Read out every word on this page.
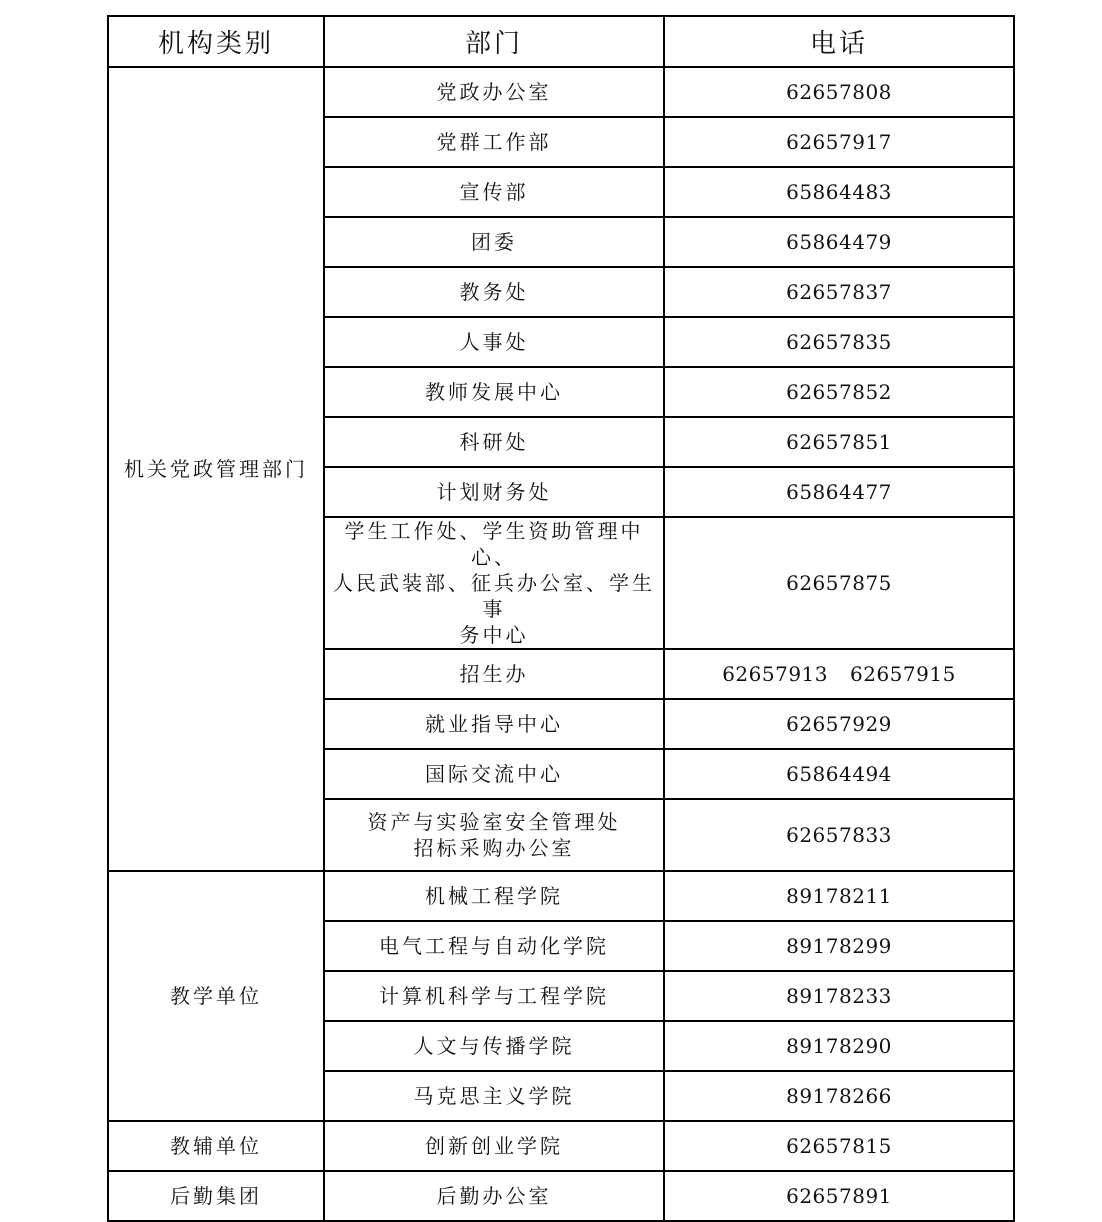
机构类别	部门	电话
机关党政管理部门	党政办公室	62657808
	党群工作部	62657917
	宣传部	65864483
	团委	65864479
	教务处	62657837
	人事处	62657835
	教师发展中心	62657852
	科研处	62657851
	计划财务处	65864477

	学生工作处、学生资助管理中心、
人民武装部、征兵办公室、学生事
务中心	62657875
	招生办	62657913 62657915
	就业指导中心	62657929
	国际交流中心	65864494

	资产与实验室安全管理处
招标采购办公室	62657833
教学单位	机械工程学院	89178211
	电气工程与自动化学院	89178299
	计算机科学与工程学院	89178233
	人文与传播学院	89178290
	马克思主义学院	89178266
教辅单位	创新创业学院	62657815
后勤集团	后勤办公室	62657891
